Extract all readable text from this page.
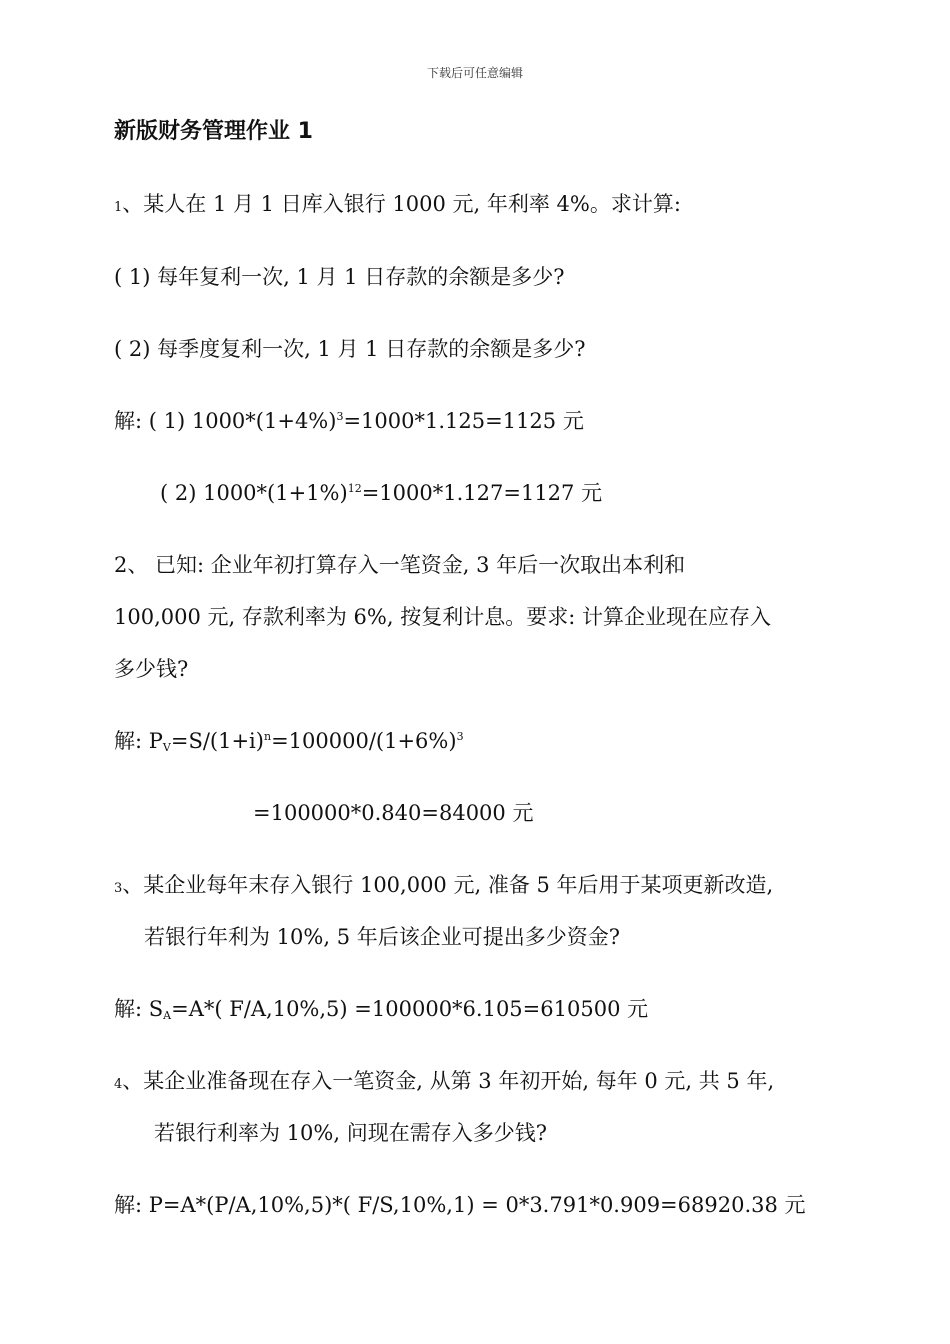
下载后可任意编辑
新版财务管理作业 1
1、某人在 1 月 1 日库入银行 1000 元, 年利率 4%。求计算:
( 1) 每年复利一次, 1 月 1 日存款的余额是多少?
( 2) 每季度复利一次, 1 月 1 日存款的余额是多少?
解: ( 1) $1000*(1+4\%)^3=1000*1.125=1125$ 元
( 2) $1000*(1+1\%)^{12}=1000*1.127=1127$ 元
2、 已知: 企业年初打算存入一笔资金, 3 年后一次取出本利和
100,000 元, 存款利率为 6%, 按复利计息。要求: 计算企业现在应存入
多少钱?
解: $P_V=S/(1+i)^n=100000/(1+6\%)^3$
=100000*0.840=84000 元
3、某企业每年末存入银行 100,000 元, 准备 5 年后用于某项更新改造,
若银行年利为 10%, 5 年后该企业可提出多少资金?
解: $S_A=A*$( F/A,10%,5) =100000*6.105=610500 元
4、某企业准备现在存入一笔资金, 从第 3 年初开始, 每年 0 元, 共 5 年,
若银行利率为 10%, 问现在需存入多少钱?
解: P=A*(P/A,10%,5)*( F/S,10%,1) = 0*3.791*0.909=68920.38 元
